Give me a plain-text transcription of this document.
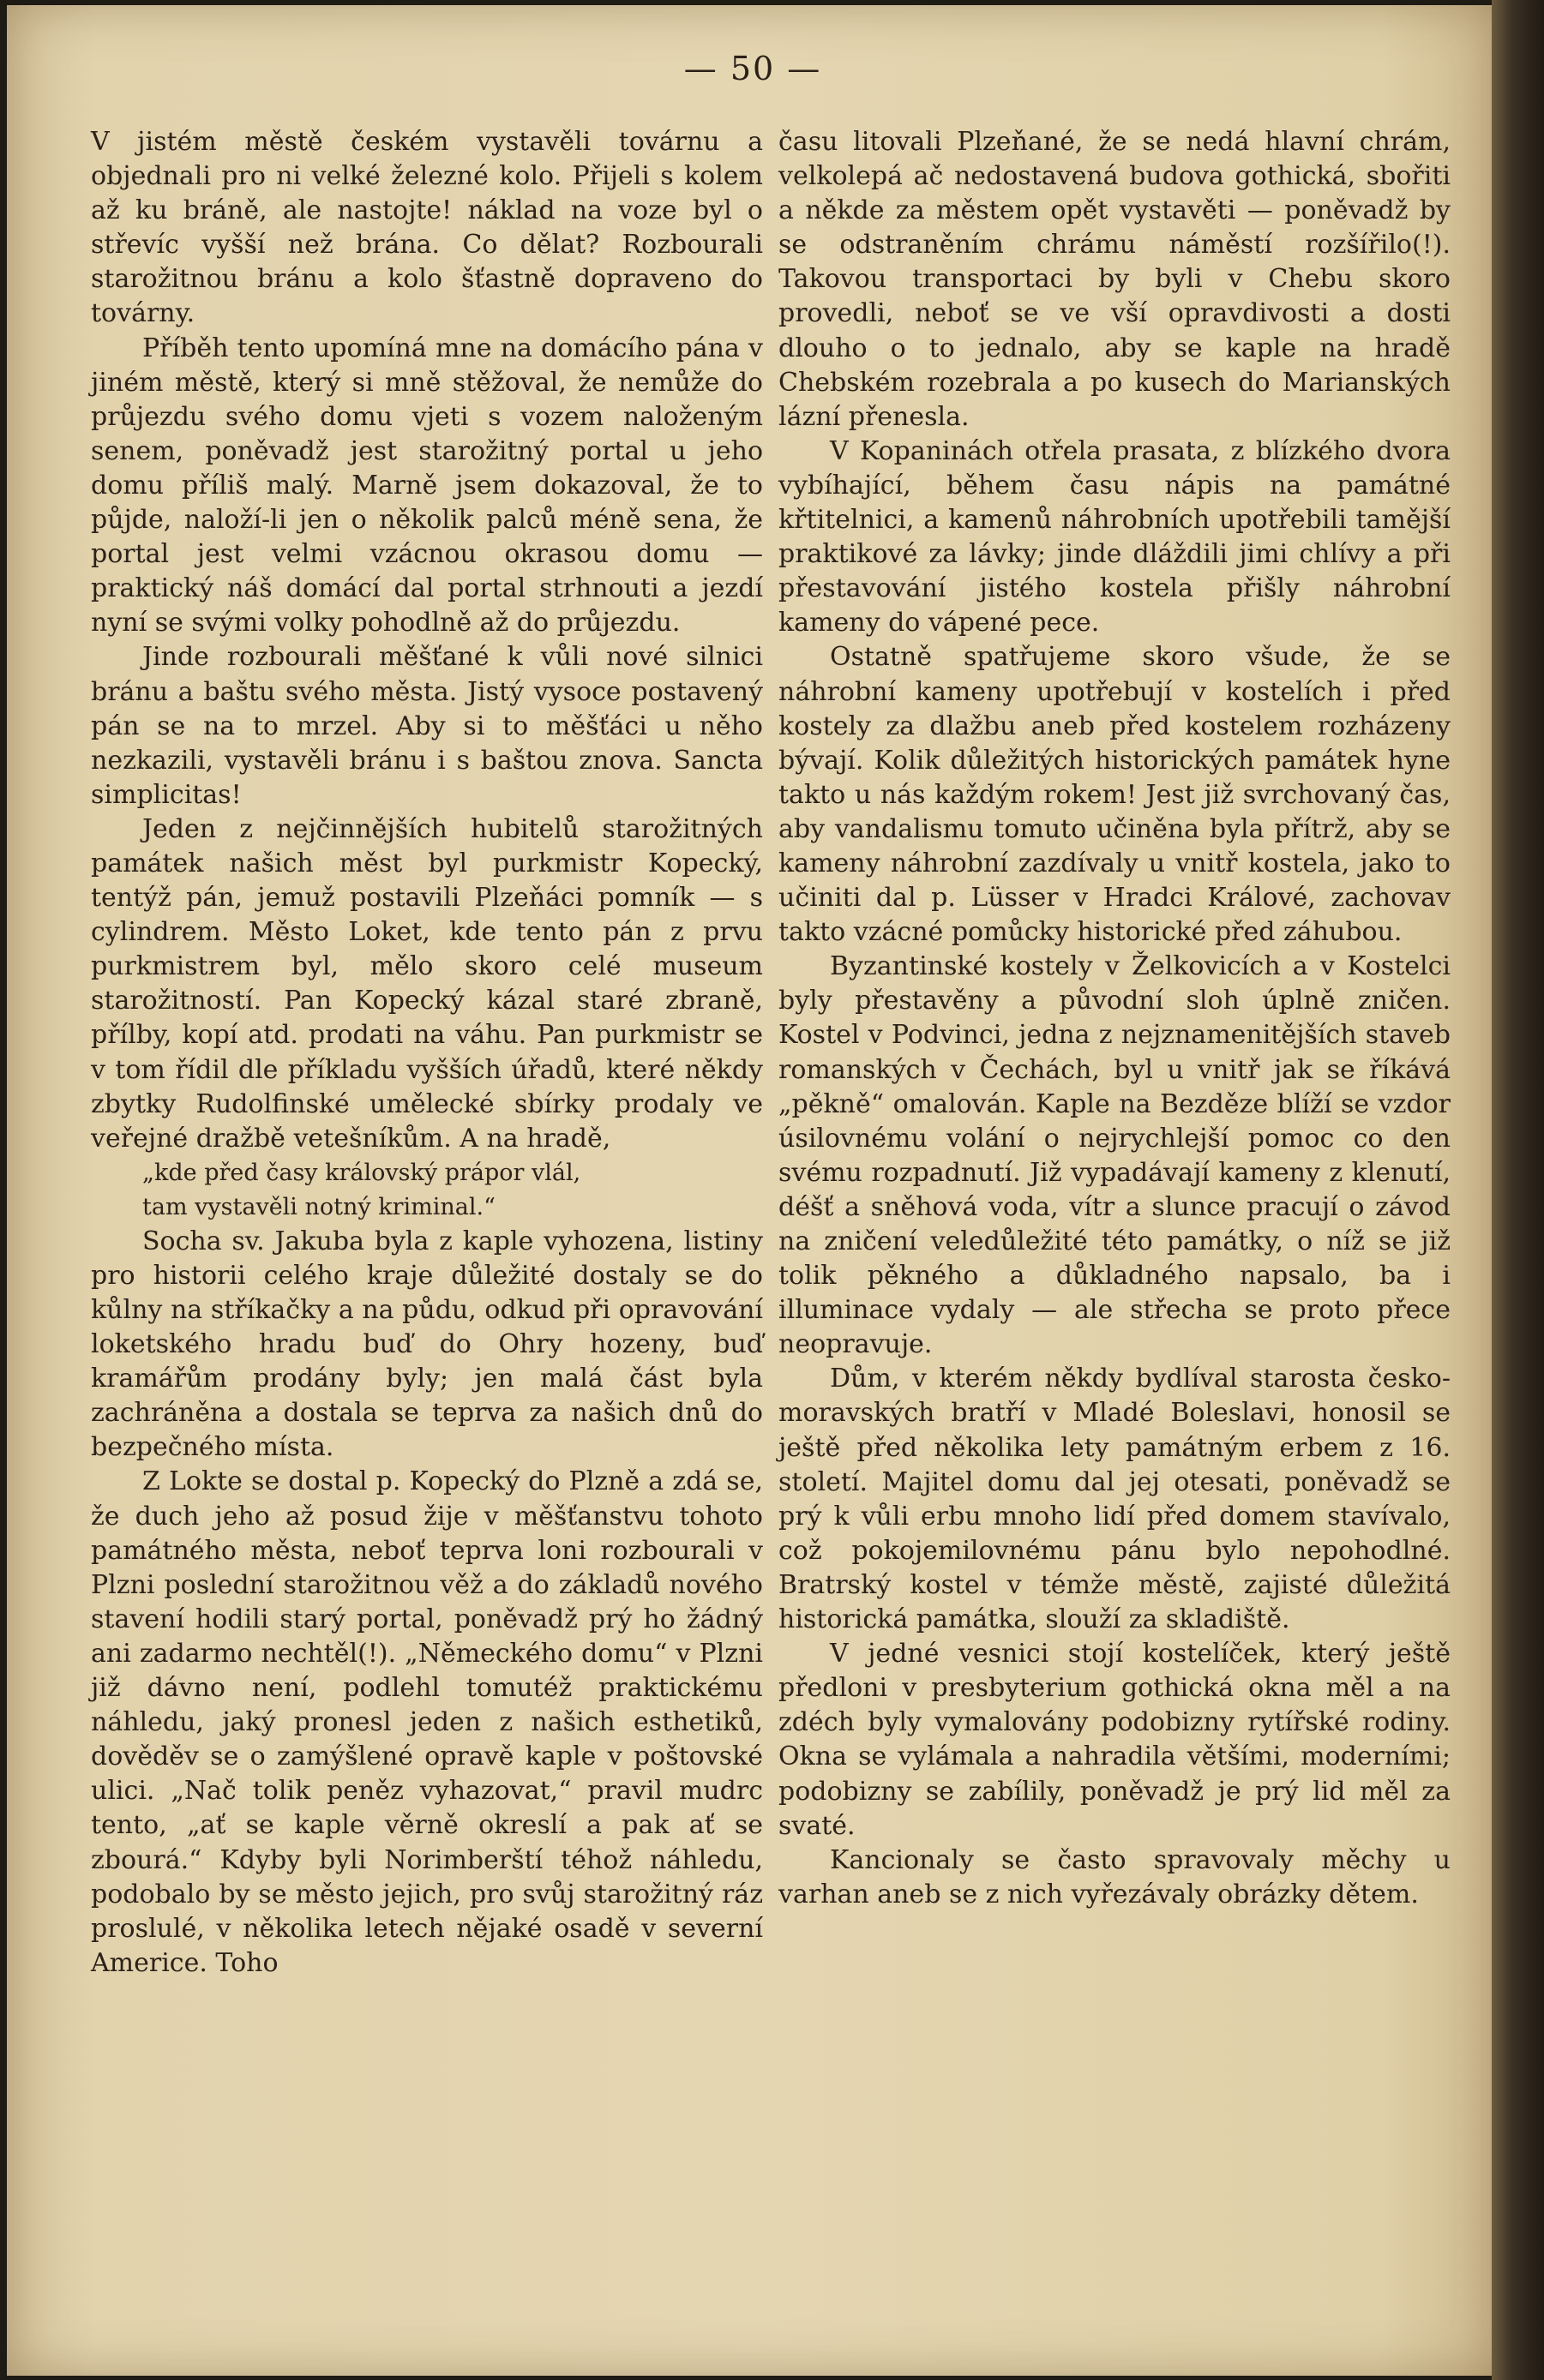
— 50 —

V jistém městě českém vystavěli továrnu a objednali pro ni velké železné kolo. Přijeli s kolem až ku bráně, ale nastojte! náklad na voze byl o střevíc vyšší než brána. Co dělat? Rozbourali starožitnou bránu a kolo šťastně dopraveno do továrny.

Příběh tento upomíná mne na domácího pána v jiném městě, který si mně stěžoval, že nemůže do průjezdu svého domu vjeti s vozem naloženým senem, poněvadž jest starožitný portal u jeho domu příliš malý. Marně jsem dokazoval, že to půjde, naloží-li jen o několik palců méně sena, že portal jest velmi vzácnou okrasou domu — praktický náš domácí dal portal strhnouti a jezdí nyní se svými volky pohodlně až do průjezdu.

Jinde rozbourali měšťané k vůli nové silnici bránu a baštu svého města. Jistý vysoce postavený pán se na to mrzel. Aby si to měšťáci u něho nezkazili, vystavěli bránu i s baštou znova. Sancta simplicitas!

Jeden z nejčinnějších hubitelů starožitných památek našich měst byl purkmistr Kopecký, tentýž pán, jemuž postavili Plzeňáci pomník — s cylindrem. Město Loket, kde tento pán z prvu purkmistrem byl, mělo skoro celé museum starožitností. Pan Kopecký kázal staré zbraně, přílby, kopí atd. prodati na váhu. Pan purkmistr se v tom řídil dle příkladu vyšších úřadů, které někdy zbytky Rudolfinské umělecké sbírky prodaly ve veřejné dražbě vetešníkům. A na hradě,

„kde před časy královský prápor vlál,

tam vystavěli notný kriminal.“

Socha sv. Jakuba byla z kaple vyhozena, listiny pro historii celého kraje důležité dostaly se do kůlny na stříkačky a na půdu, odkud při opravování loketského hradu buď do Ohry hozeny, buď kramářům prodány byly; jen malá část byla zachráněna a dostala se teprva za našich dnů do bezpečného místa.

Z Lokte se dostal p. Kopecký do Plzně a zdá se, že duch jeho až posud žije v měšťanstvu tohoto památného města, neboť teprva loni rozbourali v Plzni poslední starožitnou věž a do základů nového stavení hodili starý portal, poněvadž prý ho žádný ani zadarmo nechtěl(!). „Německého domu“ v Plzni již dávno není, podlehl tomutéž praktickému náhledu, jaký pronesl jeden z našich esthetiků, dověděv se o zamýšlené opravě kaple v poštovské ulici. „Nač tolik peněz vyhazovat,“ pravil mudrc tento, „ať se kaple věrně okreslí a pak ať se zbourá.“ Kdyby byli Norimberští téhož náhledu, podobalo by se město jejich, pro svůj starožitný ráz proslulé, v několika letech nějaké osadě v severní Americe. Toho

času litovali Plzeňané, že se nedá hlavní chrám, velkolepá ač nedostavená budova gothická, sbořiti a někde za městem opět vystavěti — poněvadž by se odstraněním chrámu náměstí rozšířilo(!). Takovou transportaci by byli v Chebu skoro provedli, neboť se ve vší opravdivosti a dosti dlouho o to jednalo, aby se kaple na hradě Chebském rozebrala a po kusech do Marianských lázní přenesla.

V Kopaninách otřela prasata, z blízkého dvora vybíhající, během času nápis na památné křtitelnici, a kamenů náhrobních upotřebili tamější praktikové za lávky; jinde dláždili jimi chlívy a při přestavování jistého kostela přišly náhrobní kameny do vápené pece.

Ostatně spatřujeme skoro všude, že se náhrobní kameny upotřebují v kostelích i před kostely za dlažbu aneb před kostelem rozházeny bývají. Kolik důležitých historických památek hyne takto u nás každým rokem! Jest již svrchovaný čas, aby vandalismu tomuto učiněna byla přítrž, aby se kameny náhrobní zazdívaly u vnitř kostela, jako to učiniti dal p. Lüsser v Hradci Králové, zachovav takto vzácné pomůcky historické před záhubou.

Byzantinské kostely v Želkovicích a v Kostelci byly přestavěny a původní sloh úplně zničen. Kostel v Podvinci, jedna z nejznamenitějších staveb romanských v Čechách, byl u vnitř jak se říkává „pěkně“ omalován. Kaple na Bezděze blíží se vzdor úsilovnému volání o nejrychlejší pomoc co den svému rozpadnutí. Již vypadávají kameny z klenutí, déšť a sněhová voda, vítr a slunce pracují o závod na zničení veledůležité této památky, o níž se již tolik pěkného a důkladného napsalo, ba i illuminace vydaly — ale střecha se proto přece neopravuje.

Dům, v kterém někdy bydlíval starosta česko-moravských bratří v Mladé Boleslavi, honosil se ještě před několika lety památným erbem z 16. století. Majitel domu dal jej otesati, poněvadž se prý k vůli erbu mnoho lidí před domem stavívalo, což pokojemilovnému pánu bylo nepohodlné. Bratrský kostel v témže městě, zajisté důležitá historická památka, slouží za skladiště.

V jedné vesnici stojí kostelíček, který ještě předloni v presbyterium gothická okna měl a na zdéch byly vymalovány podobizny rytířské rodiny. Okna se vylámala a nahradila většími, moderními; podobizny se zabílily, poněvadž je prý lid měl za svaté.

Kancionaly se často spravovaly měchy u varhan aneb se z nich vyřezávaly obrázky dětem.
